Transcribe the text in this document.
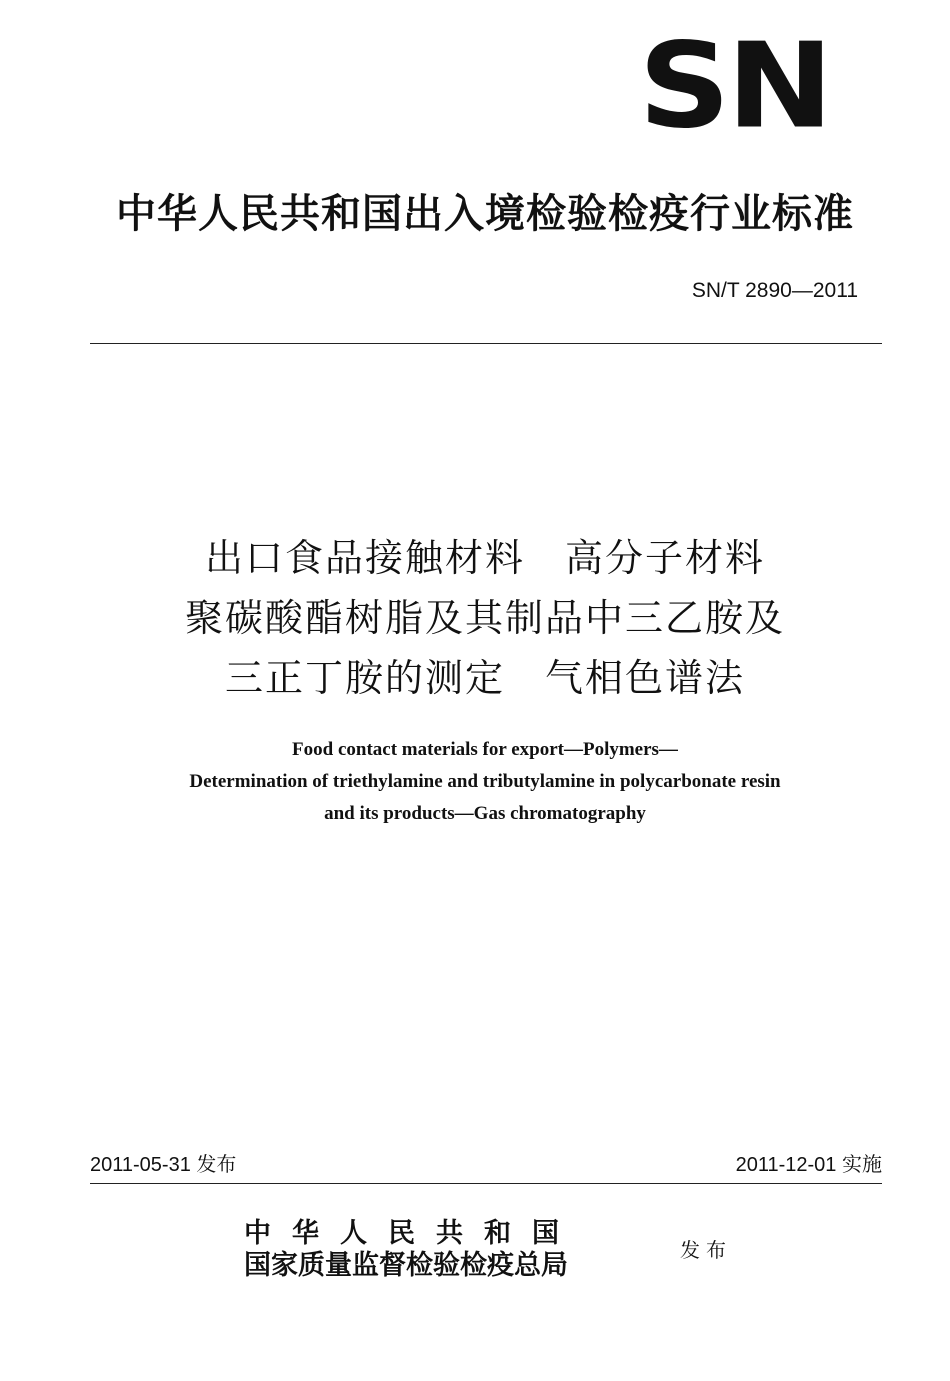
SN
中华人民共和国出入境检验检疫行业标准
SN/T 2890—2011
出口食品接触材料　高分子材料
聚碳酸酯树脂及其制品中三乙胺及
三正丁胺的测定　气相色谱法
Food contact materials for export—Polymers—
Determination of triethylamine and tributylamine in polycarbonate resin
and its products—Gas chromatography
2011-05-31 发布	2011-12-01 实施
中华人民共和国
国家质量监督检验检疫总局	发布
